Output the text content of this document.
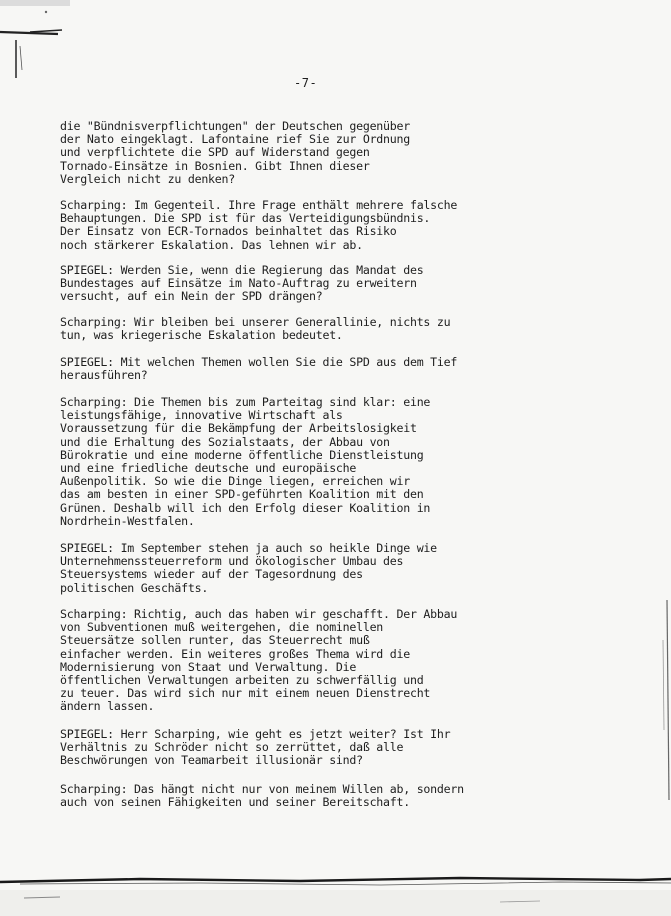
-7-
die "Bündnisverpflichtungen" der Deutschen gegenüber
der Nato eingeklagt. Lafontaine rief Sie zur Ordnung
und verpflichtete die SPD auf Widerstand gegen
Tornado-Einsätze in Bosnien. Gibt Ihnen dieser
Vergleich nicht zu denken?
Scharping: Im Gegenteil. Ihre Frage enthält mehrere falsche
Behauptungen. Die SPD ist für das Verteidigungsbündnis.
Der Einsatz von ECR-Tornados beinhaltet das Risiko
noch stärkerer Eskalation. Das lehnen wir ab.
SPIEGEL: Werden Sie, wenn die Regierung das Mandat des
Bundestages auf Einsätze im Nato-Auftrag zu erweitern
versucht, auf ein Nein der SPD drängen?
Scharping: Wir bleiben bei unserer Generallinie, nichts zu
tun, was kriegerische Eskalation bedeutet.
SPIEGEL: Mit welchen Themen wollen Sie die SPD aus dem Tief
herausführen?
Scharping: Die Themen bis zum Parteitag sind klar: eine
leistungsfähige, innovative Wirtschaft als
Voraussetzung für die Bekämpfung der Arbeitslosigkeit
und die Erhaltung des Sozialstaats, der Abbau von
Bürokratie und eine moderne öffentliche Dienstleistung
und eine friedliche deutsche und europäische
Außenpolitik. So wie die Dinge liegen, erreichen wir
das am besten in einer SPD-geführten Koalition mit den
Grünen. Deshalb will ich den Erfolg dieser Koalition in
Nordrhein-Westfalen.
SPIEGEL: Im September stehen ja auch so heikle Dinge wie
Unternehmenssteuerreform und ökologischer Umbau des
Steuersystems wieder auf der Tagesordnung des
politischen Geschäfts.
Scharping: Richtig, auch das haben wir geschafft. Der Abbau
von Subventionen muß weitergehen, die nominellen
Steuersätze sollen runter, das Steuerrecht muß
einfacher werden. Ein weiteres großes Thema wird die
Modernisierung von Staat und Verwaltung. Die
öffentlichen Verwaltungen arbeiten zu schwerfällig und
zu teuer. Das wird sich nur mit einem neuen Dienstrecht
ändern lassen.
SPIEGEL: Herr Scharping, wie geht es jetzt weiter? Ist Ihr
Verhältnis zu Schröder nicht so zerrüttet, daß alle
Beschwörungen von Teamarbeit illusionär sind?
Scharping: Das hängt nicht nur von meinem Willen ab, sondern
auch von seinen Fähigkeiten und seiner Bereitschaft.
